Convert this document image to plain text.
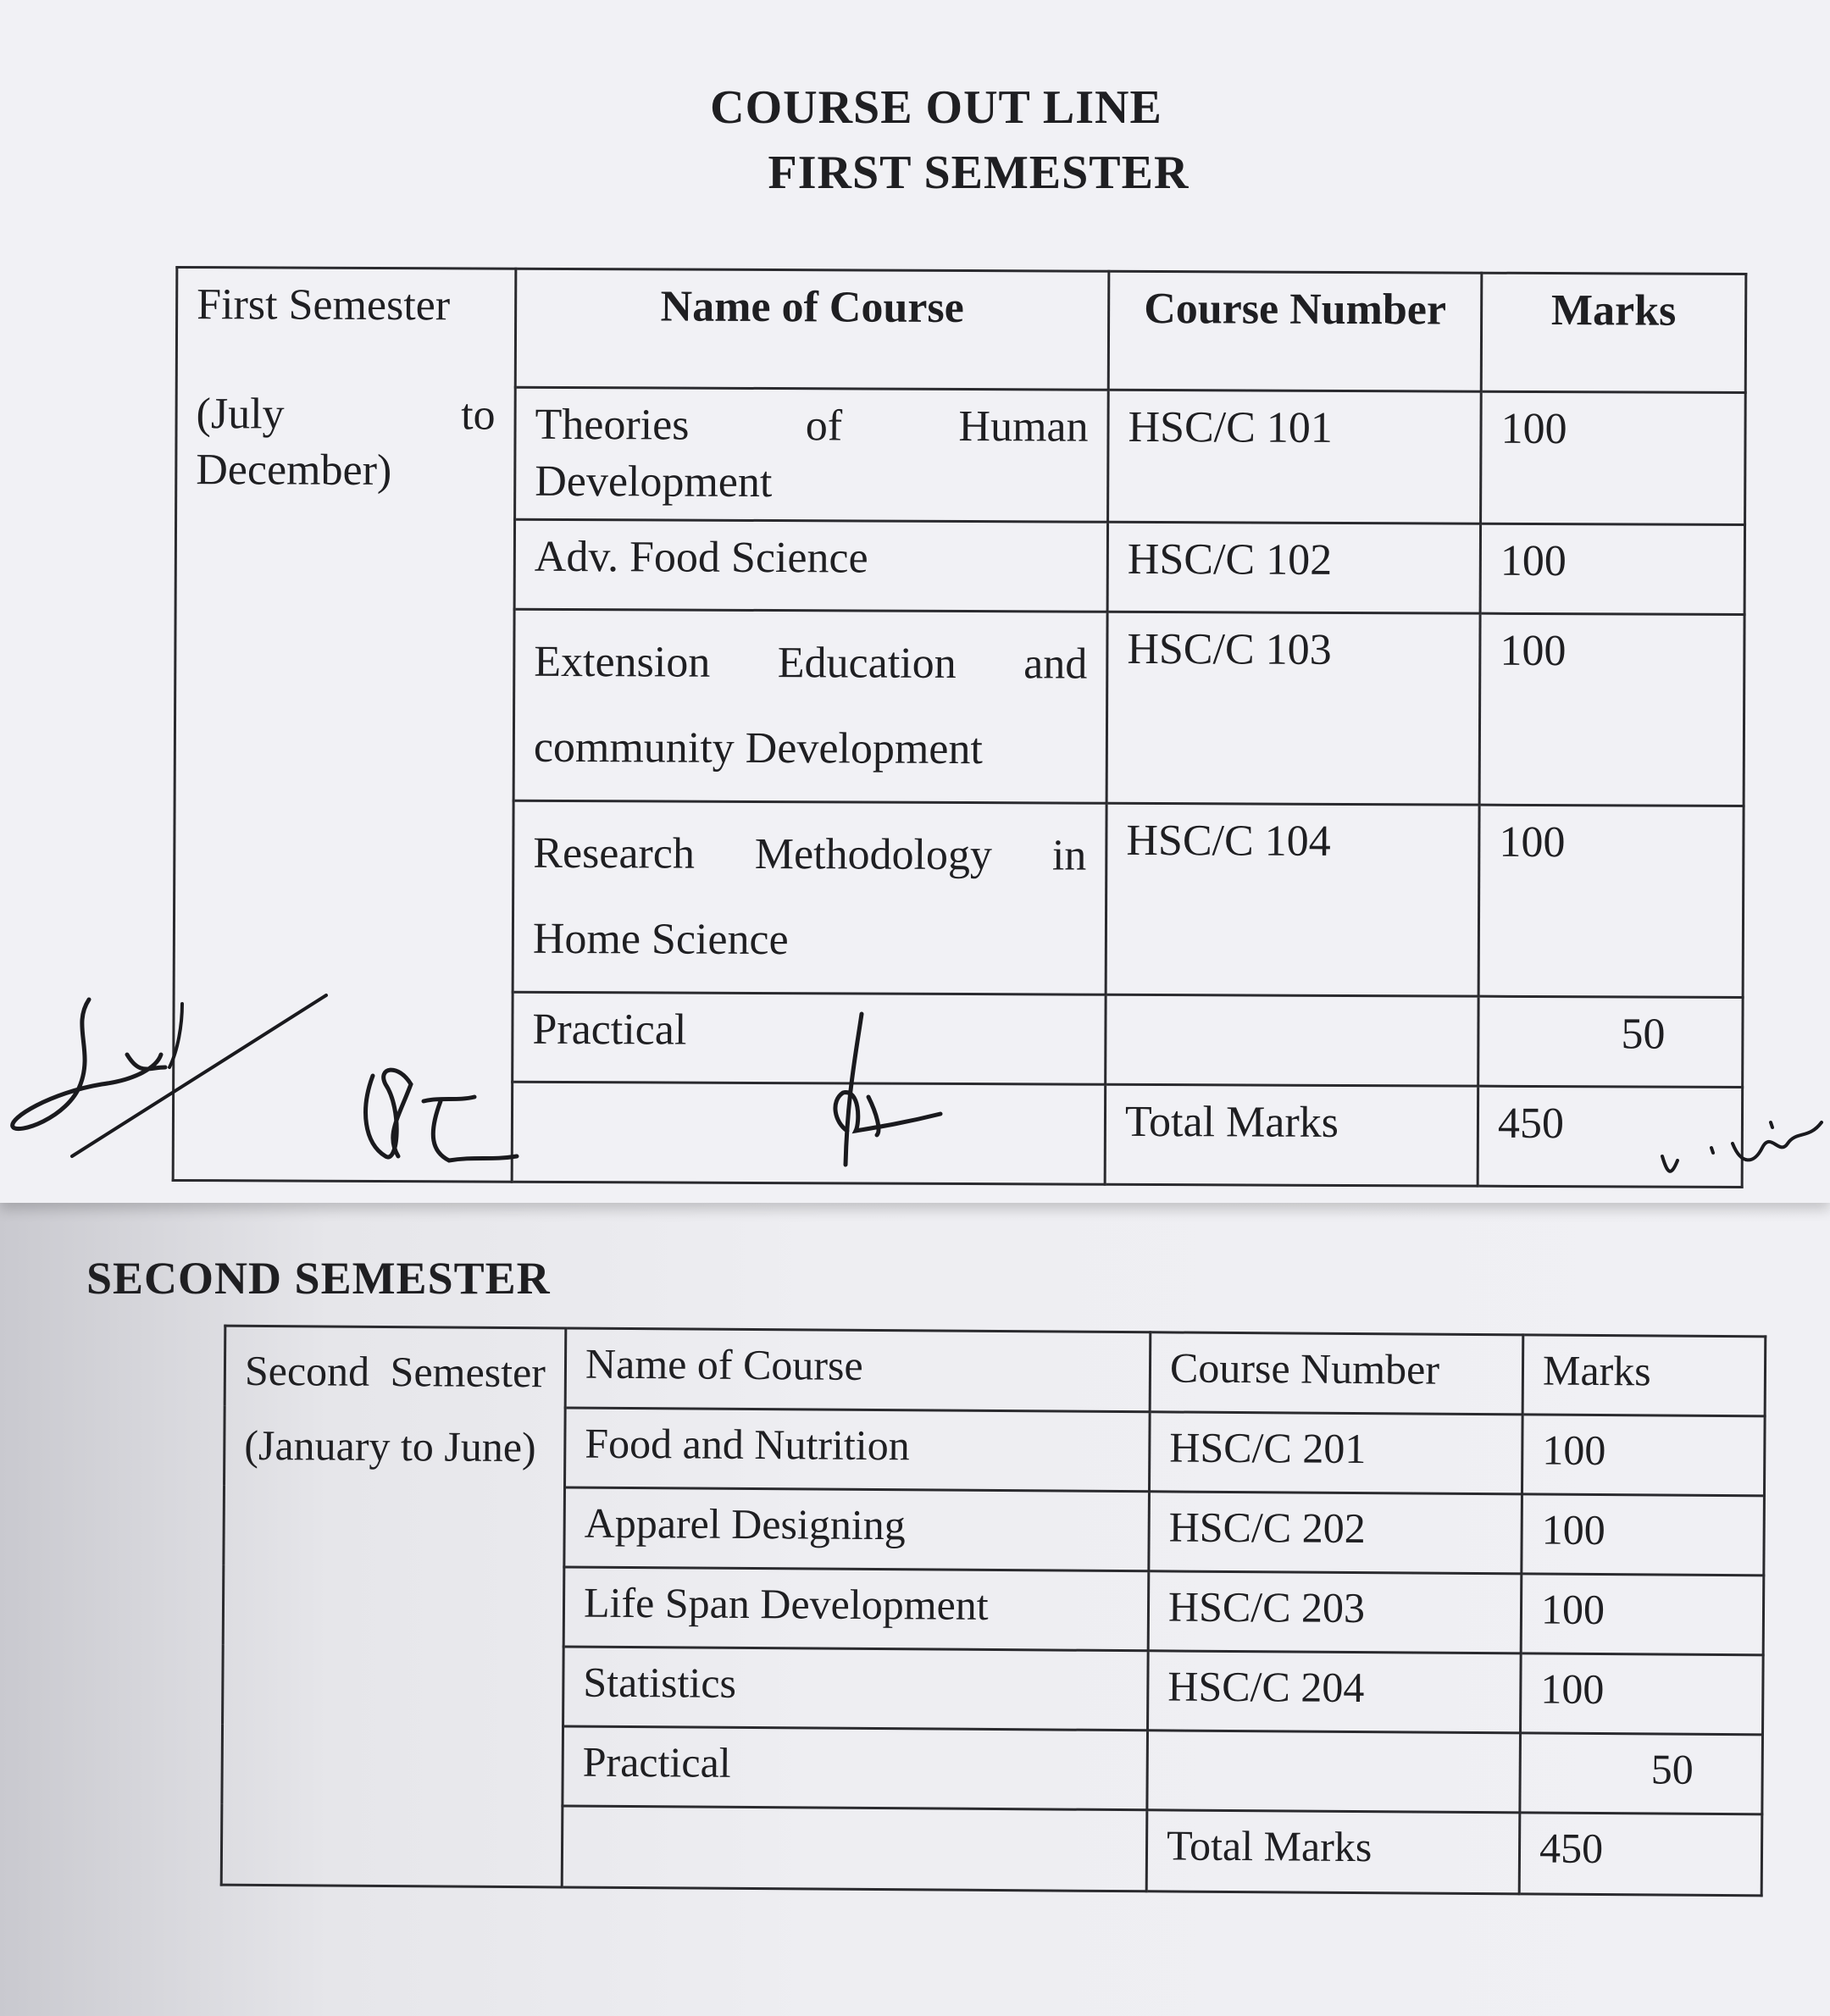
COURSE OUT LINE
FIRST SEMESTER
First Semester
(July to December)	Name of Course	Course Number	Marks
	Theories of Human Development	HSC/C 101	100
	Adv. Food Science	HSC/C 102	100
	Extension Education and community Development	HSC/C 103	100
	Research Methodology in Home Science	HSC/C 104	100
	Practical		50
		Total Marks	450
SECOND SEMESTER
Second Semester (January to June)	Name of Course	Course Number	Marks
	Food and Nutrition	HSC/C 201	100
	Apparel Designing	HSC/C 202	100
	Life Span Development	HSC/C 203	100
	Statistics	HSC/C 204	100
	Practical		50
		Total Marks	450
